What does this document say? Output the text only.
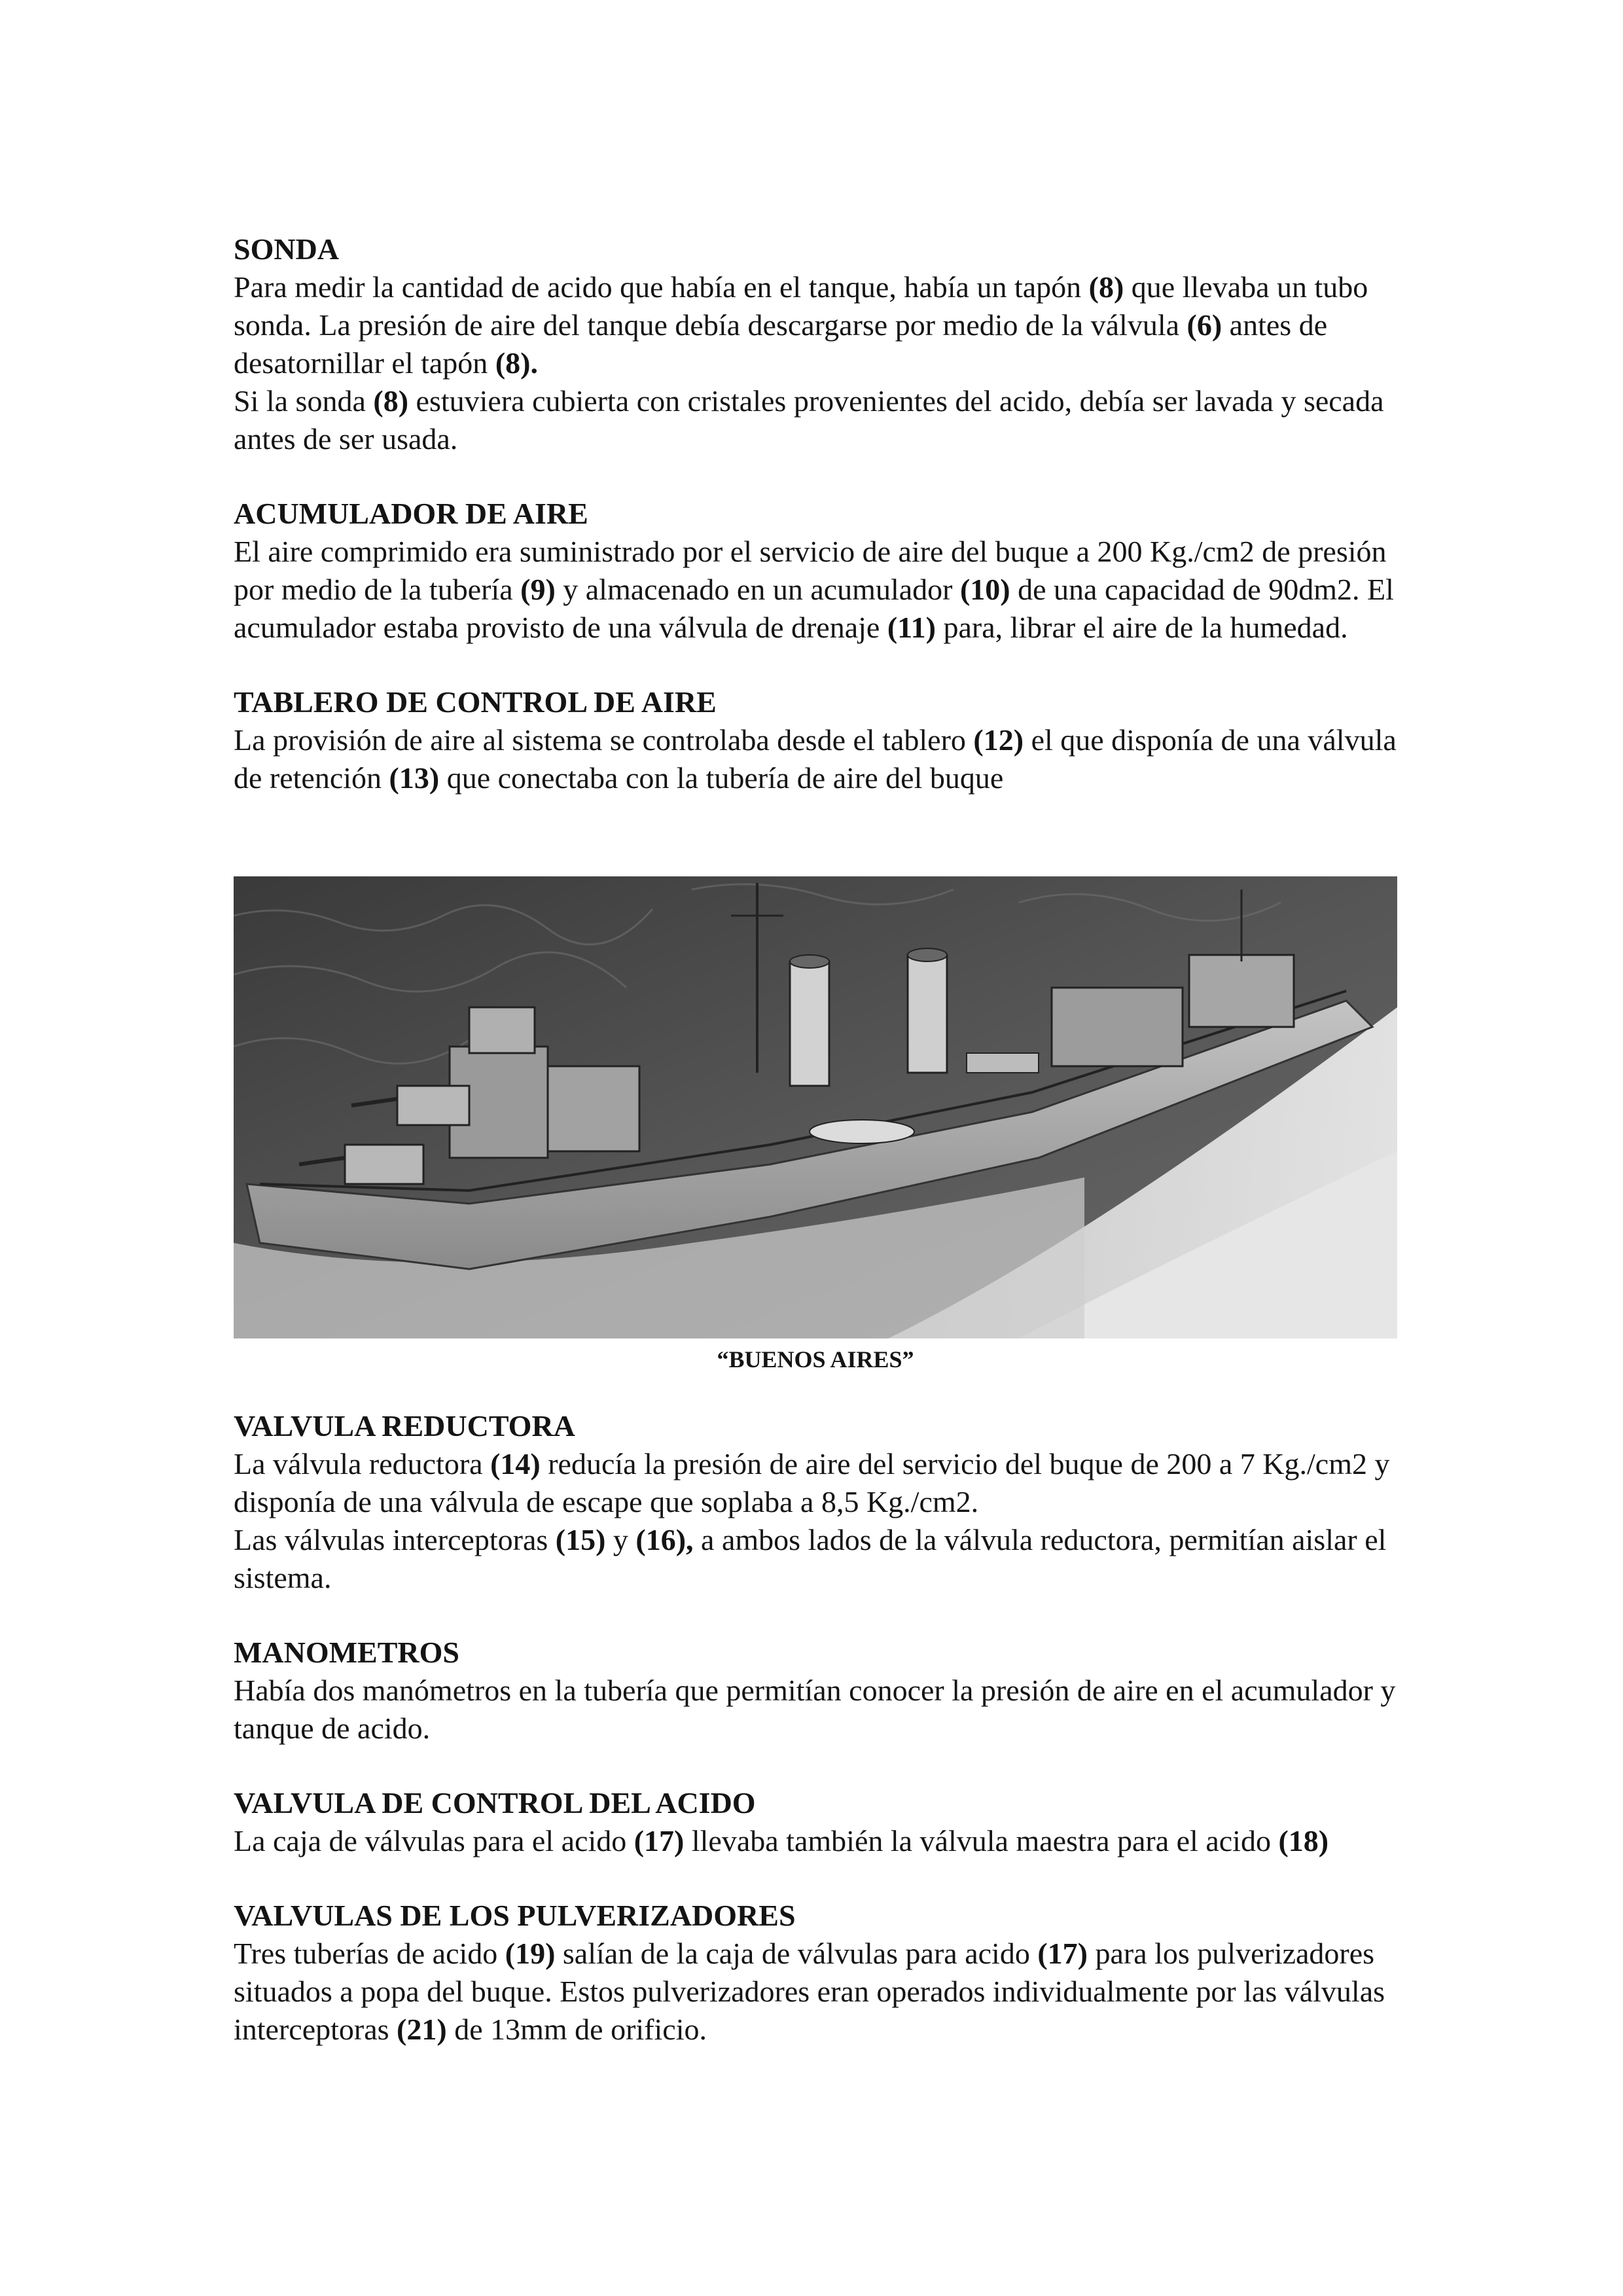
SONDA

Para medir la cantidad de acido que había en el tanque, había un tapón (8) que llevaba un tubo sonda. La presión de aire del tanque debía descargarse por medio de la válvula (6) antes de desatornillar el tapón (8).

Si la sonda (8) estuviera cubierta con cristales provenientes del acido, debía ser lavada y secada antes de ser usada.

ACUMULADOR DE AIRE

El aire comprimido era suministrado por el servicio de aire del buque a 200 Kg./cm2 de presión por medio de la tubería (9) y almacenado en un acumulador (10) de una capacidad de 90dm2. El acumulador estaba provisto de una válvula de drenaje (11) para, librar el aire de la humedad.

TABLERO DE CONTROL DE AIRE

La provisión de aire al sistema se controlaba desde el tablero (12) el que disponía de una válvula de retención (13) que conectaba con la tubería de aire del buque

“BUENOS AIRES”

VALVULA REDUCTORA

La válvula reductora (14) reducía la presión de aire del servicio del buque de 200 a 7 Kg./cm2 y disponía de una válvula de escape que soplaba a 8,5 Kg./cm2.

Las válvulas interceptoras (15) y (16), a ambos lados de la válvula reductora, permitían aislar el sistema.

MANOMETROS

Había dos manómetros en la tubería que permitían conocer la presión de aire en el acumulador y tanque de acido.

VALVULA DE CONTROL DEL ACIDO

La caja de válvulas para el acido (17) llevaba también la válvula maestra para el acido (18)

VALVULAS DE LOS PULVERIZADORES

Tres tuberías de acido (19) salían de la caja de válvulas para acido (17) para los pulverizadores situados a popa del buque. Estos pulverizadores eran operados individualmente por las válvulas interceptoras (21) de 13mm de orificio.
